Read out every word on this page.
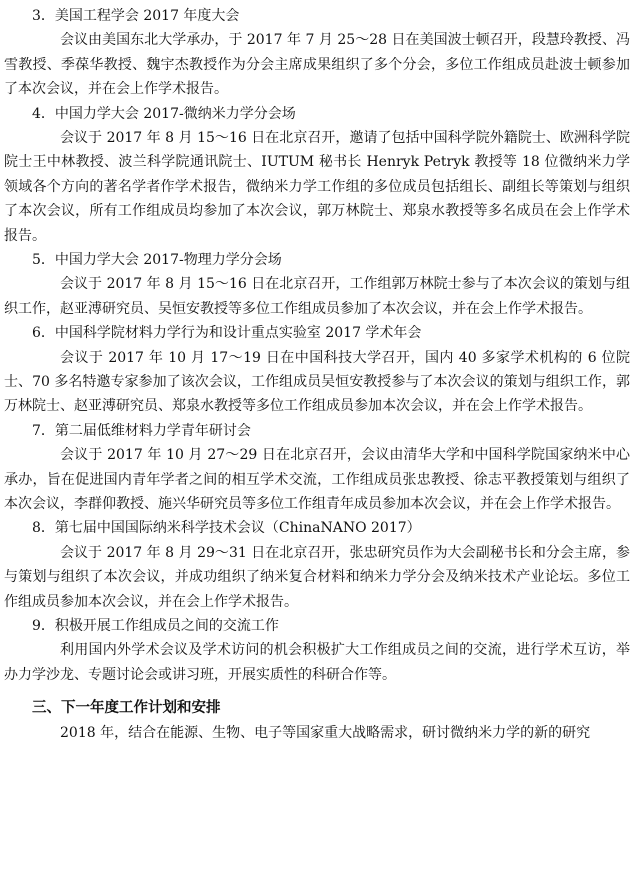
3．美国工程学会 2017 年度大会

会议由美国东北大学承办，于 2017 年 7 月 25～28 日在美国波士顿召开，段慧玲教授、冯雪教授、季葆华教授、魏宇杰教授作为分会主席成果组织了多个分会，多位工作组成员赴波士顿参加了本次会议，并在会上作学术报告。

4．中国力学大会 2017-微纳米力学分会场

会议于 2017 年 8 月 15～16 日在北京召开，邀请了包括中国科学院外籍院士、欧洲科学院院士王中林教授、波兰科学院通讯院士、IUTUM 秘书长 Henryk Petryk 教授等 18 位微纳米力学领域各个方向的著名学者作学术报告，微纳米力学工作组的多位成员包括组长、副组长等策划与组织了本次会议，所有工作组成员均参加了本次会议，郭万林院士、郑泉水教授等多名成员在会上作学术报告。

5．中国力学大会 2017-物理力学分会场

会议于 2017 年 8 月 15～16 日在北京召开，工作组郭万林院士参与了本次会议的策划与组织工作，赵亚溥研究员、吴恒安教授等多位工作组成员参加了本次会议，并在会上作学术报告。

6．中国科学院材料力学行为和设计重点实验室 2017 学术年会

会议于 2017 年 10 月 17～19 日在中国科技大学召开，国内 40 多家学术机构的 6 位院士、70 多名特邀专家参加了该次会议，工作组成员吴恒安教授参与了本次会议的策划与组织工作，郭万林院士、赵亚溥研究员、郑泉水教授等多位工作组成员参加本次会议，并在会上作学术报告。

7．第二届低维材料力学青年研讨会

会议于 2017 年 10 月 27～29 日在北京召开，会议由清华大学和中国科学院国家纳米中心承办，旨在促进国内青年学者之间的相互学术交流，工作组成员张忠教授、徐志平教授策划与组织了本次会议，李群仰教授、施兴华研究员等多位工作组青年成员参加本次会议，并在会上作学术报告。

8．第七届中国国际纳米科学技术会议（ChinaNANO 2017）

会议于 2017 年 8 月 29～31 日在北京召开，张忠研究员作为大会副秘书长和分会主席，参与策划与组织了本次会议，并成功组织了纳米复合材料和纳米力学分会及纳米技术产业论坛。多位工作组成员参加本次会议，并在会上作学术报告。

9．积极开展工作组成员之间的交流工作

利用国内外学术会议及学术访问的机会积极扩大工作组成员之间的交流，进行学术互访，举办力学沙龙、专题讨论会或讲习班，开展实质性的科研合作等。

三、下一年度工作计划和安排

2018 年，结合在能源、生物、电子等国家重大战略需求，研讨微纳米力学的新的研究
